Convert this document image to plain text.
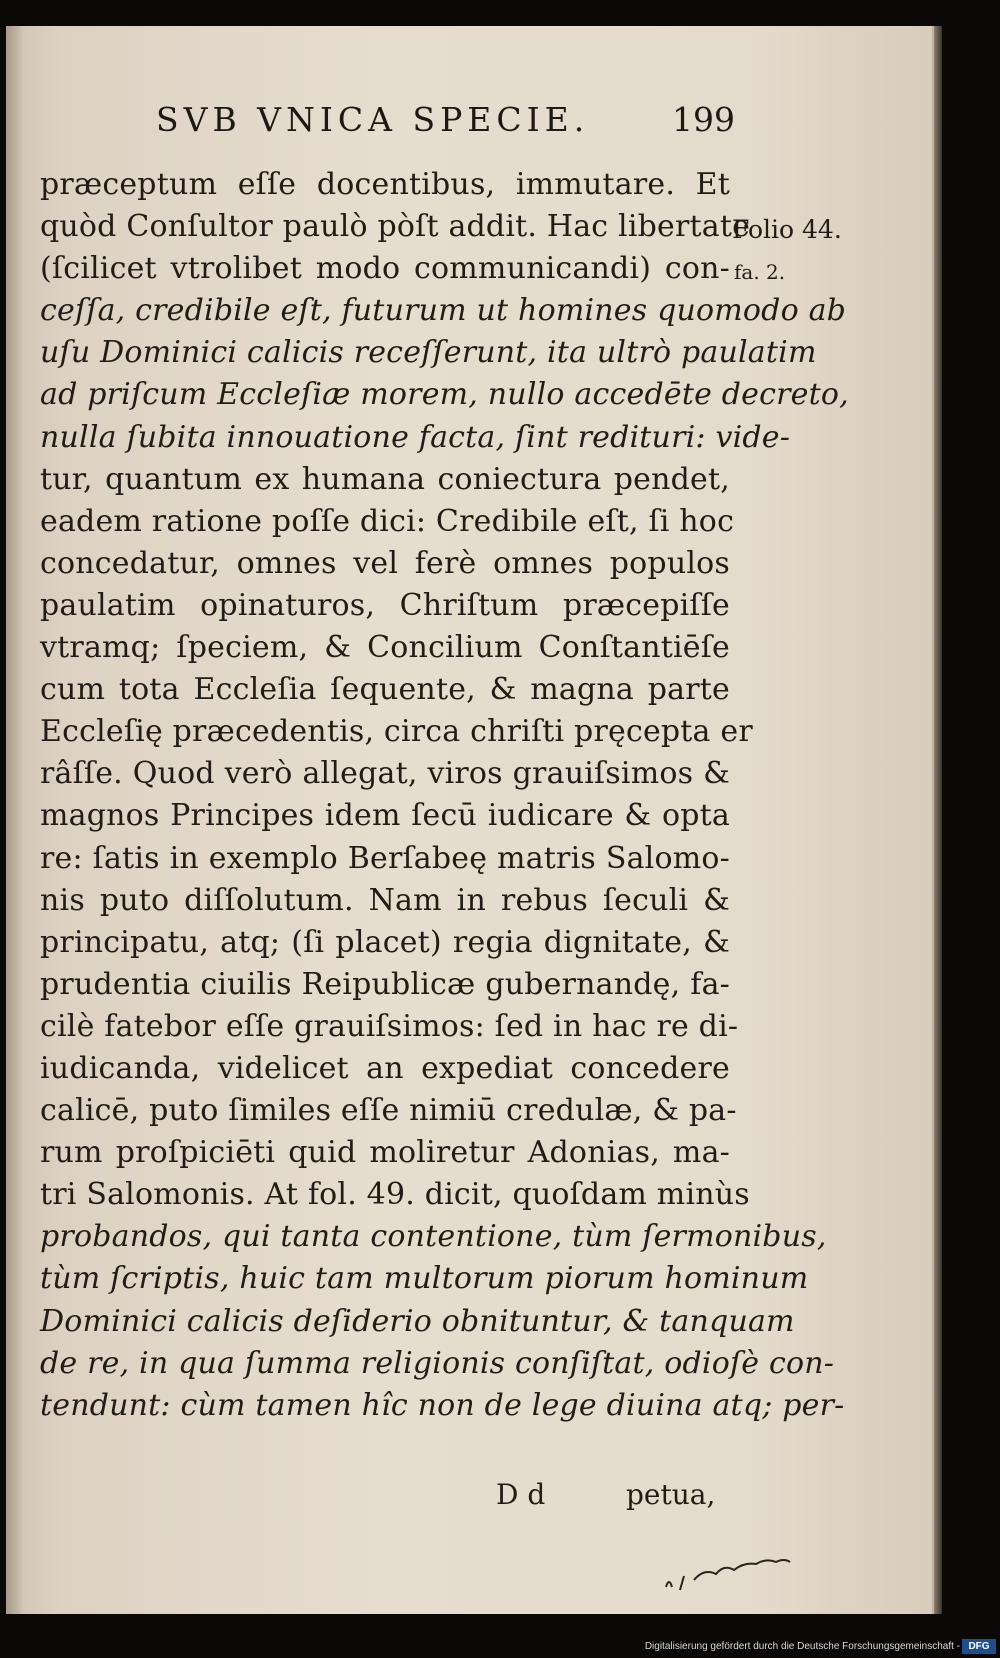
SVB VNICA SPECIE.	199
præceptum eſſe docentibus, immutare. Et
quòd Conſultor paulò pòſt addit. Hac libertate
(ſcilicet vtrolibet modo communicandi) con-
ceſſa, credibile eſt, futurum ut homines quomodo ab
uſu Dominici calicis receſſerunt, ita ultrò paulatim
ad priſcum Eccleſiæ morem, nullo accedēte decreto,
nulla ſubita innouatione facta, ſint redituri: vide-
tur, quantum ex humana coniectura pendet,
eadem ratione poſſe dici: Credibile eſt, ſi hoc
concedatur, omnes vel ferè omnes populos
paulatim opinaturos, Chriſtum præcepiſſe
vtramq; ſpeciem, & Concilium Conſtantiēſe
cum tota Eccleſia ſequente, & magna parte
Eccleſię præcedentis, circa chriſti pręcepta er
râſſe. Quod verò allegat, viros grauiſsimos &
magnos Principes idem ſecū iudicare & opta
re: ſatis in exemplo Berſabeę matris Salomo-
nis puto diſſolutum. Nam in rebus ſeculi &
principatu, atq; (ſi placet) regia dignitate, &
prudentia ciuilis Reipublicæ gubernandę, fa-
cilè fatebor eſſe grauiſsimos: ſed in hac re di-
iudicanda, videlicet an expediat concedere
calicē, puto ſimiles eſſe nimiū credulæ, & pa-
rum proſpiciēti quid moliretur Adonias, ma-
tri Salomonis. At fol. 49. dicit, quoſdam minùs
probandos, qui tanta contentione, tùm ſermonibus,
tùm ſcriptis, huic tam multorum piorum hominum
Dominici calicis deſiderio obnituntur, & tanquam
de re, in qua ſumma religionis conſiſtat, odioſè con-
tendunt: cùm tamen hîc non de lege diuina atq; per-
Folio 44.
fa. 2.
D d	petua,
Digitalisierung gefördert durch die Deutsche Forschungsgemeinschaft - DFG
